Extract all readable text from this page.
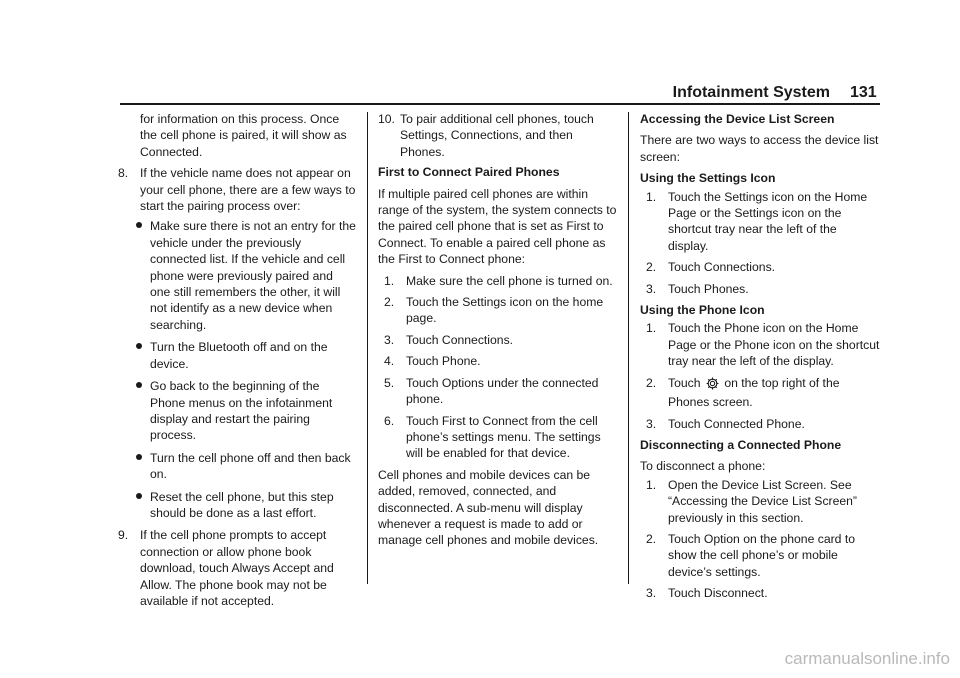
Infotainment System 131

for information on this process. Once the cell phone is paired, it will show as Connected.

8. If the vehicle name does not appear on your cell phone, there are a few ways to start the pairing process over:
Make sure there is not an entry for the vehicle under the previously connected list. If the vehicle and cell phone were previously paired and one still remembers the other, it will not identify as a new device when searching.
Turn the Bluetooth off and on the device.
Go back to the beginning of the Phone menus on the infotainment display and restart the pairing process.
Turn the cell phone off and then back on.
Reset the cell phone, but this step should be done as a last effort.
9. If the cell phone prompts to accept connection or allow phone book download, touch Always Accept and Allow. The phone book may not be available if not accepted.
10. To pair additional cell phones, touch Settings, Connections, and then Phones.

First to Connect Paired Phones

If multiple paired cell phones are within range of the system, the system connects to the paired cell phone that is set as First to Connect. To enable a paired cell phone as the First to Connect phone:

1. Make sure the cell phone is turned on.
2. Touch the Settings icon on the home page.
3. Touch Connections.
4. Touch Phone.
5. Touch Options under the connected phone.
6. Touch First to Connect from the cell phone’s settings menu. The settings will be enabled for that device.

Cell phones and mobile devices can be added, removed, connected, and disconnected. A sub-menu will display whenever a request is made to add or manage cell phones and mobile devices.

Accessing the Device List Screen

There are two ways to access the device list screen:

Using the Settings Icon

1. Touch the Settings icon on the Home Page or the Settings icon on the shortcut tray near the left of the display.
2. Touch Connections.
3. Touch Phones.

Using the Phone Icon

1. Touch the Phone icon on the Home Page or the Phone icon on the shortcut tray near the left of the display.
2. Touch on the top right of the Phones screen.
3. Touch Connected Phone.

Disconnecting a Connected Phone

To disconnect a phone:

1. Open the Device List Screen. See “Accessing the Device List Screen” previously in this section.
2. Touch Option on the phone card to show the cell phone’s or mobile device’s settings.
3. Touch Disconnect.
carmanualsonline.info
